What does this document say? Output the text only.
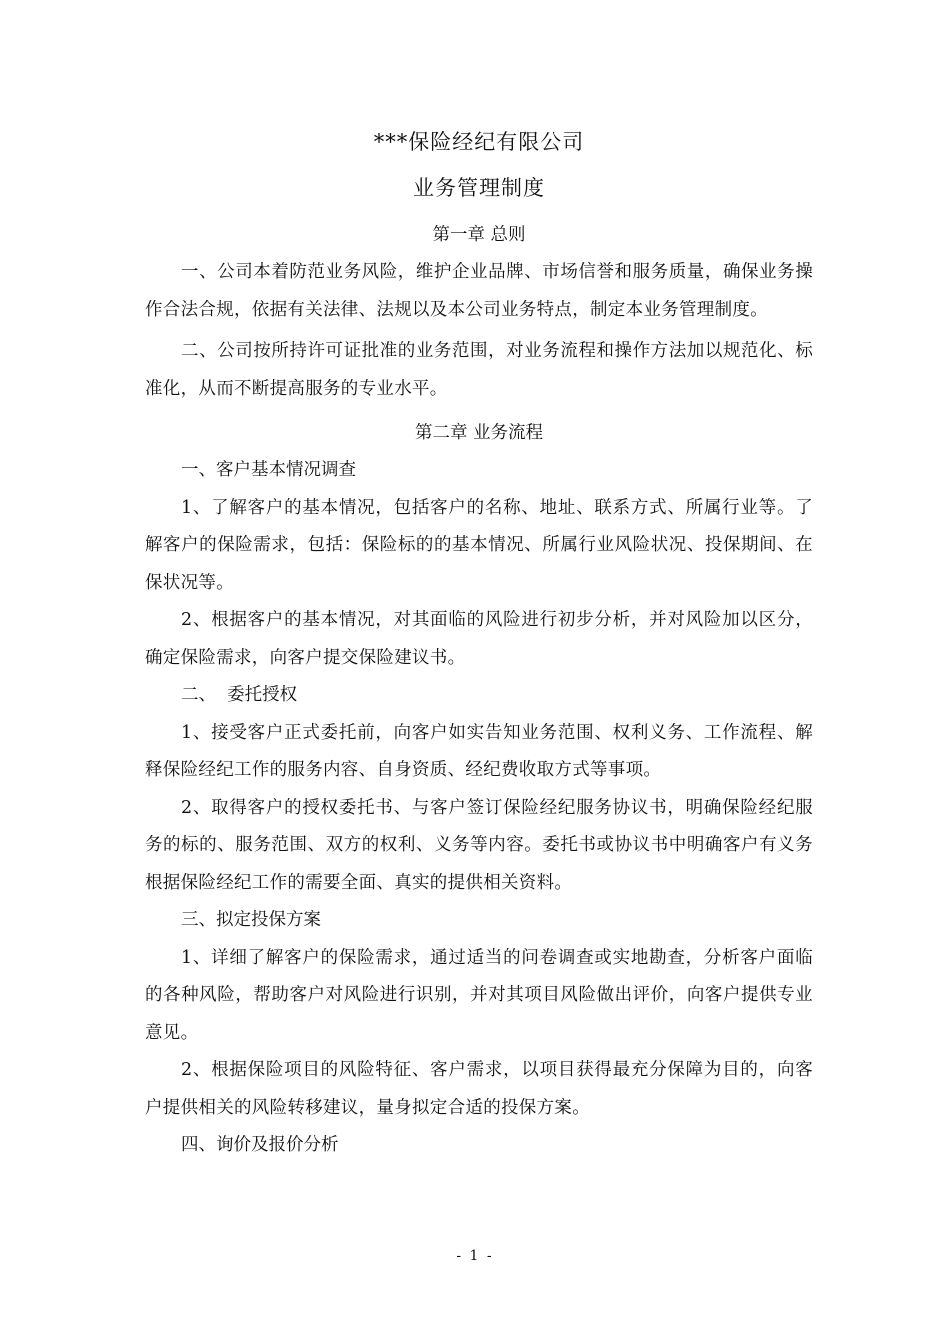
***保险经纪有限公司
业务管理制度
第一章 总则

一、公司本着防范业务风险，维护企业品牌、市场信誉和服务质量，确保业务操作合法合规，依据有关法律、法规以及本公司业务特点，制定本业务管理制度。

二、公司按所持许可证批准的业务范围，对业务流程和操作方法加以规范化、标准化，从而不断提高服务的专业水平。

第二章 业务流程
一、客户基本情况调查

1、了解客户的基本情况，包括客户的名称、地址、联系方式、所属行业等。了解客户的保险需求，包括：保险标的的基本情况、所属行业风险状况、投保期间、在保状况等。

2、根据客户的基本情况，对其面临的风险进行初步分析，并对风险加以区分，确定保险需求，向客户提交保险建议书。

二、  委托授权

1、接受客户正式委托前，向客户如实告知业务范围、权利义务、工作流程、解释保险经纪工作的服务内容、自身资质、经纪费收取方式等事项。

2、取得客户的授权委托书、与客户签订保险经纪服务协议书，明确保险经纪服务的标的、服务范围、双方的权利、义务等内容。委托书或协议书中明确客户有义务根据保险经纪工作的需要全面、真实的提供相关资料。

三、拟定投保方案

1、详细了解客户的保险需求，通过适当的问卷调查或实地勘查，分析客户面临的各种风险，帮助客户对风险进行识别，并对其项目风险做出评价，向客户提供专业意见。

2、根据保险项目的风险特征、客户需求，以项目获得最充分保障为目的，向客户提供相关的风险转移建议，量身拟定合适的投保方案。

四、询价及报价分析
- 1 -
